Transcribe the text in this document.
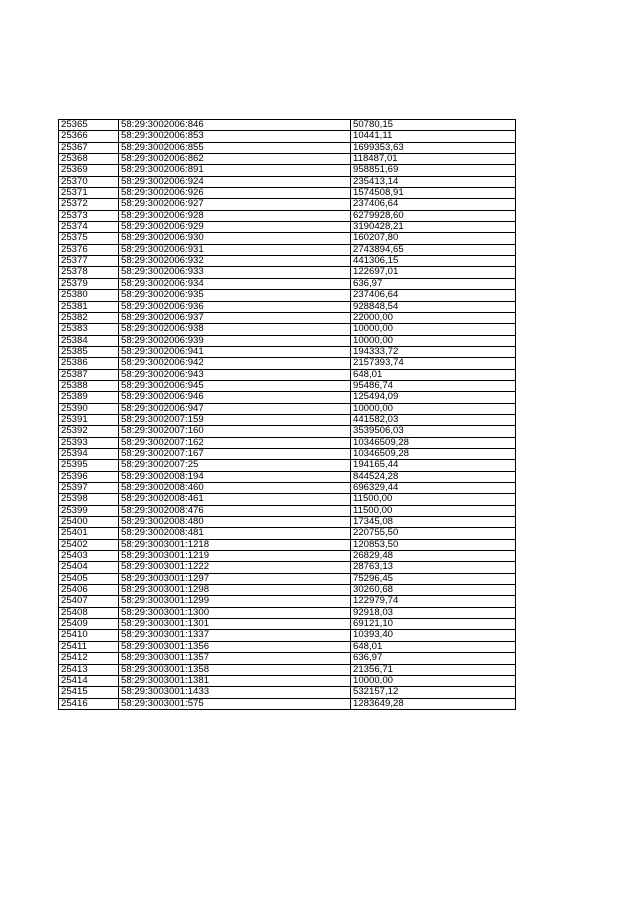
25365	58:29:3002006:846	50780,15
25366	58:29:3002006:853	10441,11
25367	58:29:3002006:855	1699353,63
25368	58:29:3002006:862	118487,01
25369	58:29:3002006:891	958851,69
25370	58:29:3002006:924	235413,14
25371	58:29:3002006:926	1574508,91
25372	58:29:3002006:927	237406,64
25373	58:29:3002006:928	6279928,60
25374	58:29:3002006:929	3190428,21
25375	58:29:3002006:930	160207,80
25376	58:29:3002006:931	2743894,65
25377	58:29:3002006:932	441306,15
25378	58:29:3002006:933	122697,01
25379	58:29:3002006:934	636,97
25380	58:29:3002006:935	237406,64
25381	58:29:3002006:936	928848,54
25382	58:29:3002006:937	22000,00
25383	58:29:3002006:938	10000,00
25384	58:29:3002006:939	10000,00
25385	58:29:3002006:941	194333,72
25386	58:29:3002006:942	2157393,74
25387	58:29:3002006:943	648,01
25388	58:29:3002006:945	95486,74
25389	58:29:3002006:946	125494,09
25390	58:29:3002006:947	10000,00
25391	58:29:3002007:159	441582,03
25392	58:29:3002007:160	3539506,03
25393	58:29:3002007:162	10346509,28
25394	58:29:3002007:167	10346509,28
25395	58:29:3002007:25	194165,44
25396	58:29:3002008:194	844524,28
25397	58:29:3002008:460	696329,44
25398	58:29:3002008:461	11500,00
25399	58:29:3002008:476	11500,00
25400	58:29:3002008:480	17345,08
25401	58:29:3002008:481	220755,50
25402	58:29:3003001:1218	120853,50
25403	58:29:3003001:1219	26829,48
25404	58:29:3003001:1222	28763,13
25405	58:29:3003001:1297	75296,45
25406	58:29:3003001:1298	30260,68
25407	58:29:3003001:1299	122979,74
25408	58:29:3003001:1300	92918,03
25409	58:29:3003001:1301	69121,10
25410	58:29:3003001:1337	10393,40
25411	58:29:3003001:1356	648,01
25412	58:29:3003001:1357	636,97
25413	58:29:3003001:1358	21356,71
25414	58:29:3003001:1381	10000,00
25415	58:29:3003001:1433	532157,12
25416	58:29:3003001:575	1283649,28
